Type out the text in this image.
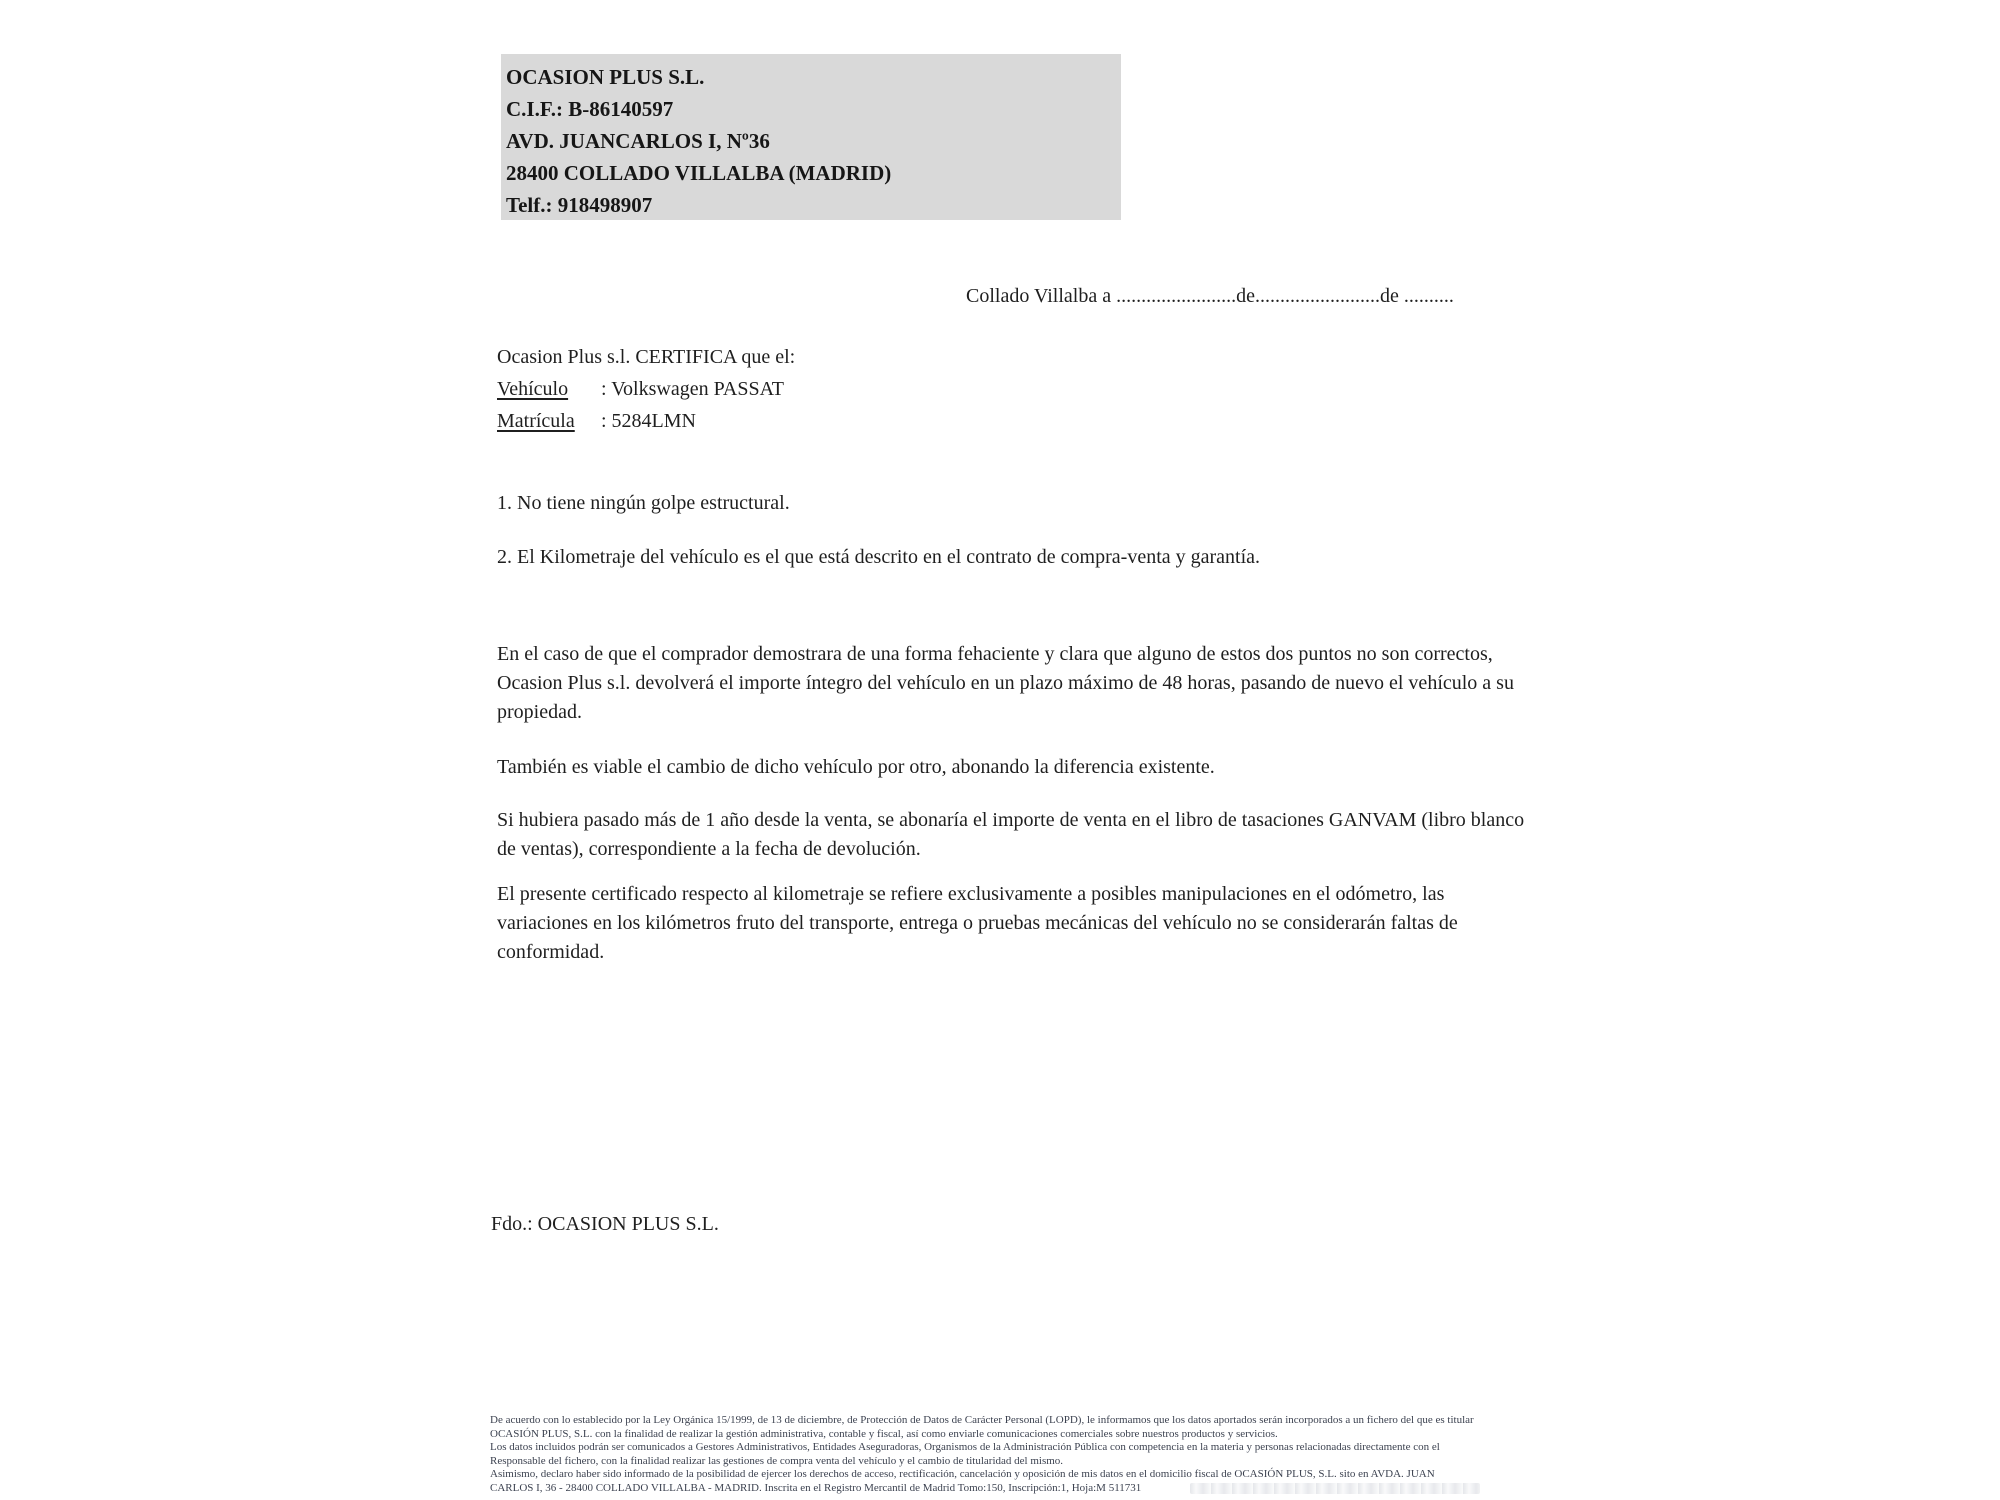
OCASION PLUS S.L.
C.I.F.: B-86140597
AVD. JUANCARLOS I, Nº36
28400 COLLADO VILLALBA (MADRID)
Telf.: 918498907
Collado Villalba a ........................de.........................de ..........
Ocasion Plus s.l. CERTIFICA que el:
Vehículo : Volkswagen PASSAT
Matrícula : 5284LMN
1. No tiene ningún golpe estructural.
2. El Kilometraje del vehículo es el que está descrito en el contrato de compra-venta y garantía.
En el caso de que el comprador demostrara de una forma fehaciente y clara que alguno de estos dos puntos no son correctos, Ocasion Plus s.l. devolverá el importe íntegro del vehículo en un plazo máximo de 48 horas, pasando de nuevo el vehículo a su propiedad.
También es viable el cambio de dicho vehículo por otro, abonando la diferencia existente.
Si hubiera pasado más de 1 año desde la venta, se abonaría el importe de venta en el libro de tasaciones GANVAM (libro blanco de ventas), correspondiente a la fecha de devolución.
El presente certificado respecto al kilometraje se refiere exclusivamente a posibles manipulaciones en el odómetro, las variaciones en los kilómetros fruto del transporte, entrega o pruebas mecánicas del vehículo no se considerarán faltas de conformidad.
Fdo.: OCASION PLUS S.L.
De acuerdo con lo establecido por la Ley Orgánica 15/1999, de 13 de diciembre, de Protección de Datos de Carácter Personal (LOPD), le informamos que los datos aportados serán incorporados a un fichero del que es titular
OCASIÓN PLUS, S.L. con la finalidad de realizar la gestión administrativa, contable y fiscal, así como enviarle comunicaciones comerciales sobre nuestros productos y servicios.
Los datos incluidos podrán ser comunicados a Gestores Administrativos, Entidades Aseguradoras, Organismos de la Administración Pública con competencia en la materia y personas relacionadas directamente con el
Responsable del fichero, con la finalidad realizar las gestiones de compra venta del vehículo y el cambio de titularidad del mismo.
Asimismo, declaro haber sido informado de la posibilidad de ejercer los derechos de acceso, rectificación, cancelación y oposición de mis datos en el domicilio fiscal de OCASIÓN PLUS, S.L. sito en AVDA. JUAN
CARLOS I, 36 - 28400 COLLADO VILLALBA - MADRID. Inscrita en el Registro Mercantil de Madrid Tomo:150, Inscripción:1, Hoja:M 511731
